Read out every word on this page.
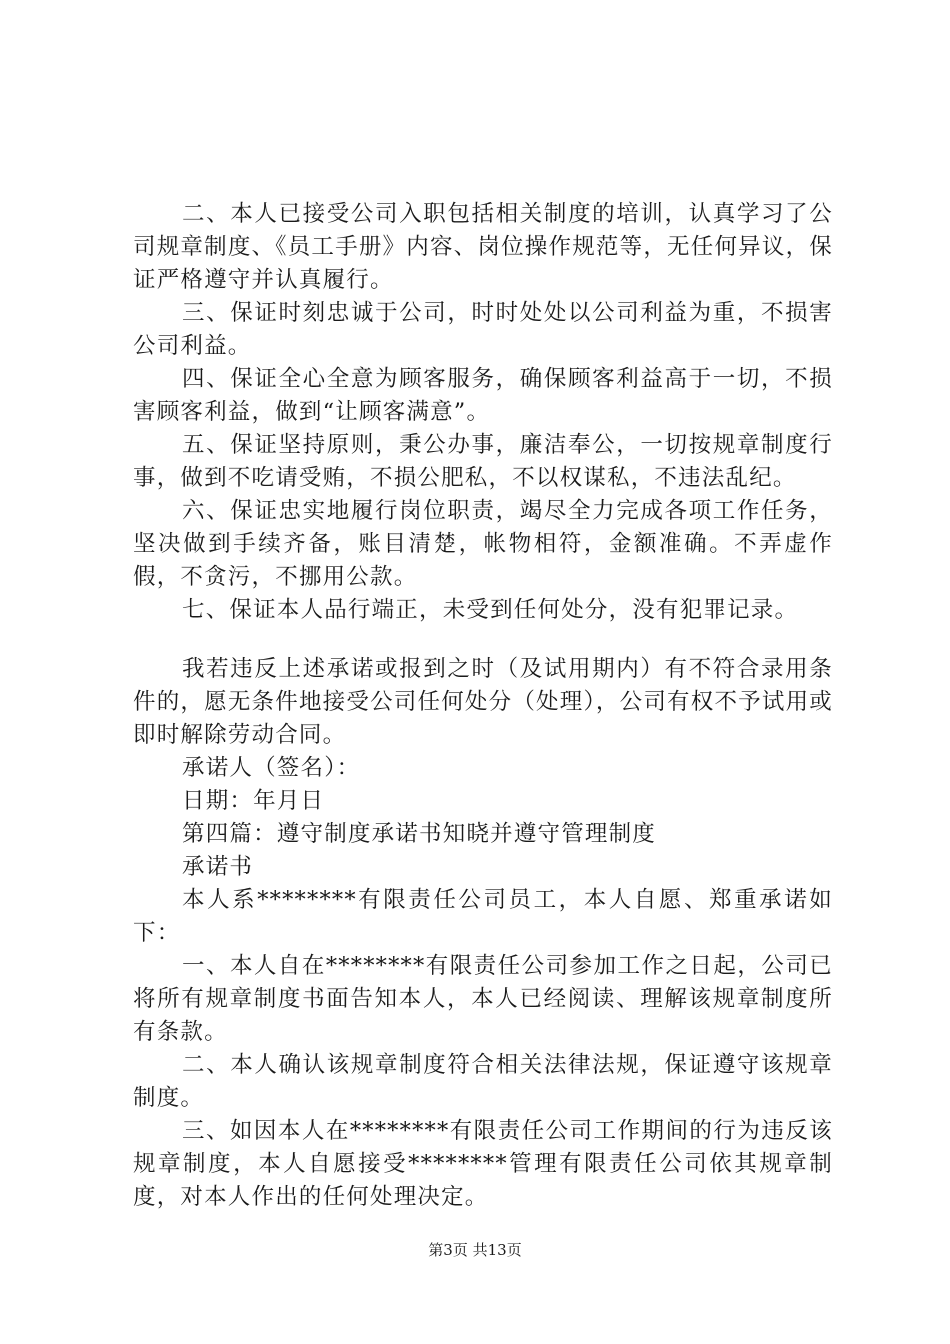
二、本人已接受公司入职包括相关制度的培训，认真学习了公司规章制度、《员工手册》内容、岗位操作规范等，无任何异议，保证严格遵守并认真履行。

三、保证时刻忠诚于公司，时时处处以公司利益为重，不损害公司利益。

四、保证全心全意为顾客服务，确保顾客利益高于一切，不损害顾客利益，做到“让顾客满意”。

五、保证坚持原则，秉公办事，廉洁奉公，一切按规章制度行事，做到不吃请受贿，不损公肥私，不以权谋私，不违法乱纪。

六、保证忠实地履行岗位职责，竭尽全力完成各项工作任务，坚决做到手续齐备，账目清楚，帐物相符，金额准确。不弄虚作假，不贪污，不挪用公款。

七、保证本人品行端正，未受到任何处分，没有犯罪记录。

我若违反上述承诺或报到之时（及试用期内）有不符合录用条件的，愿无条件地接受公司任何处分（处理），公司有权不予试用或即时解除劳动合同。

承诺人（签名）：

日期：年月日

第四篇：遵守制度承诺书知晓并遵守管理制度

承诺书

本人系********有限责任公司员工，本人自愿、郑重承诺如下：

一、本人自在********有限责任公司参加工作之日起，公司已将所有规章制度书面告知本人，本人已经阅读、理解该规章制度所有条款。

二、本人确认该规章制度符合相关法律法规，保证遵守该规章制度。

三、如因本人在********有限责任公司工作期间的行为违反该规章制度，本人自愿接受********管理有限责任公司依其规章制度，对本人作出的任何处理决定。

第3页 共13页
